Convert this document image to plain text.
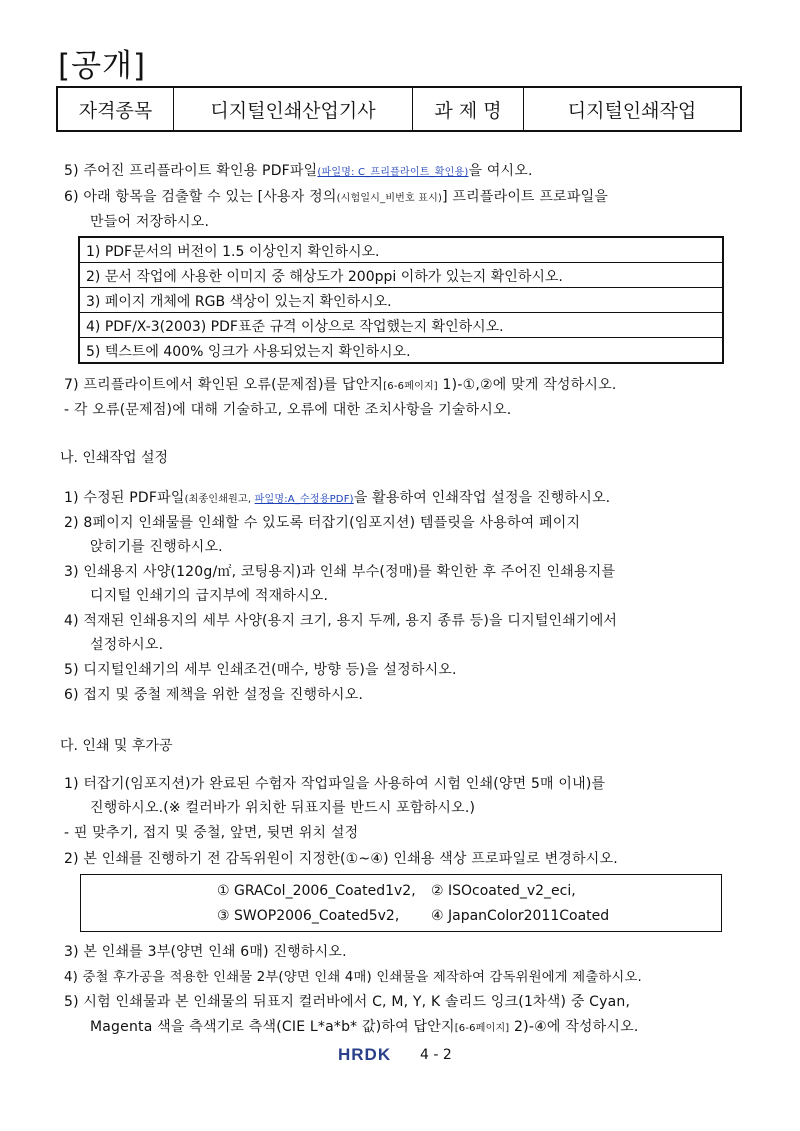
[공개]
자격종목	디지털인쇄산업기사	과 제 명	디지털인쇄작업
5) 주어진 프리플라이트 확인용 PDF파일(파일명: C_프리플라이트_확인용)을 여시오.
6) 아래 항목을 검출할 수 있는 [사용자 정의(시험일시_비번호 표시)] 프리플라이트 프로파일을
만들어 저장하시오.
1) PDF문서의 버전이 1.5 이상인지 확인하시오.
2) 문서 작업에 사용한 이미지 중 해상도가 200ppi 이하가 있는지 확인하시오.
3) 페이지 개체에 RGB 색상이 있는지 확인하시오.
4) PDF/X-3(2003) PDF표준 규격 이상으로 작업했는지 확인하시오.
5) 텍스트에 400% 잉크가 사용되었는지 확인하시오.
7) 프리플라이트에서 확인된 오류(문제점)를 답안지[6-6페이지] 1)-①,②에 맞게 작성하시오.
- 각 오류(문제점)에 대해 기술하고, 오류에 대한 조치사항을 기술하시오.
나. 인쇄작업 설정
1) 수정된 PDF파일(최종인쇄원고, 파일명:A_수정용PDF)을 활용하여 인쇄작업 설정을 진행하시오.
2) 8페이지 인쇄물를 인쇄할 수 있도록 터잡기(임포지션) 템플릿을 사용하여 페이지
앉히기를 진행하시오.
3) 인쇄용지 사양(120g/㎡, 코팅용지)과 인쇄 부수(정매)를 확인한 후 주어진 인쇄용지를
디지털 인쇄기의 급지부에 적재하시오.
4) 적재된 인쇄용지의 세부 사양(용지 크기, 용지 두께, 용지 종류 등)을 디지털인쇄기에서
설정하시오.
5) 디지털인쇄기의 세부 인쇄조건(매수, 방향 등)을 설정하시오.
6) 접지 및 중철 제책을 위한 설정을 진행하시오.
다. 인쇄 및 후가공
1) 터잡기(임포지션)가 완료된 수험자 작업파일을 사용하여 시험 인쇄(양면 5매 이내)를
진행하시오.(※ 컬러바가 위치한 뒤표지를 반드시 포함하시오.)
- 핀 맞추기, 접지 및 중철, 앞면, 뒷면 위치 설정
2) 본 인쇄를 진행하기 전 감독위원이 지정한(①~④) 인쇄용 색상 프로파일로 변경하시오.
① GRACol_2006_Coated1v2, ② ISOcoated_v2_eci,
③ SWOP2006_Coated5v2, ④ JapanColor2011Coated
3) 본 인쇄를 3부(양면 인쇄 6매) 진행하시오.
4) 중철 후가공을 적용한 인쇄물 2부(양면 인쇄 4매) 인쇄물을 제작하여 감독위원에게 제출하시오.
5) 시험 인쇄물과 본 인쇄물의 뒤표지 컬러바에서 C, M, Y, K 솔리드 잉크(1차색) 중 Cyan,
Magenta 색을 측색기로 측색(CIE L*a*b* 값)하여 답안지[6-6페이지] 2)-④에 작성하시오.
HRDK 4 - 2
